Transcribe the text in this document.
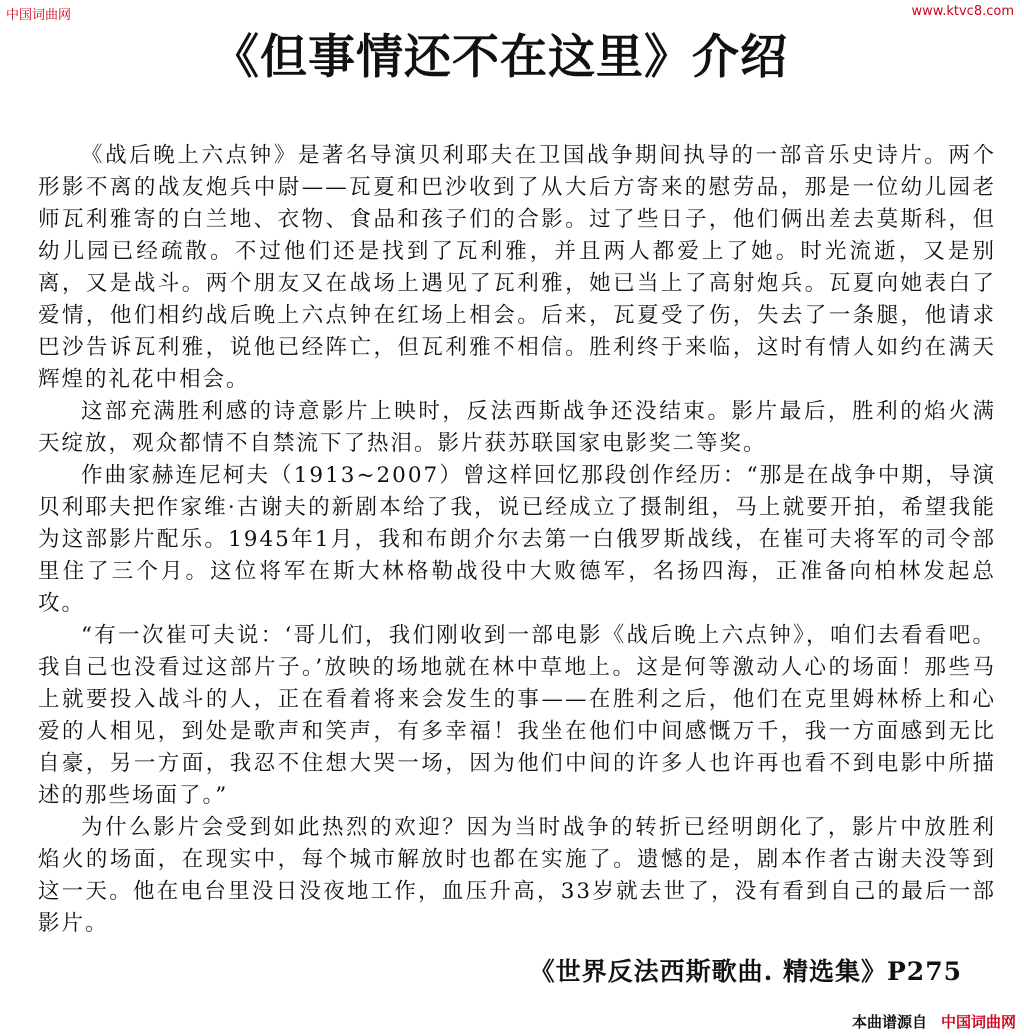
中国词曲网	www.ktvc8.com
《但事情还不在这里》介绍

《战后晚上六点钟》是著名导演贝利耶夫在卫国战争期间执导的一部音乐史诗片。两个形影不离的战友炮兵中尉——瓦夏和巴沙收到了从大后方寄来的慰劳品，那是一位幼儿园老师瓦利雅寄的白兰地、衣物、食品和孩子们的合影。过了些日子，他们俩出差去莫斯科，但幼儿园已经疏散。不过他们还是找到了瓦利雅，并且两人都爱上了她。时光流逝，又是别离，又是战斗。两个朋友又在战场上遇见了瓦利雅，她已当上了高射炮兵。瓦夏向她表白了爱情，他们相约战后晚上六点钟在红场上相会。后来，瓦夏受了伤，失去了一条腿，他请求巴沙告诉瓦利雅，说他已经阵亡，但瓦利雅不相信。胜利终于来临，这时有情人如约在满天辉煌的礼花中相会。

这部充满胜利感的诗意影片上映时，反法西斯战争还没结束。影片最后，胜利的焰火满天绽放，观众都情不自禁流下了热泪。影片获苏联国家电影奖二等奖。

作曲家赫连尼柯夫（1913~2007）曾这样回忆那段创作经历：“那是在战争中期，导演贝利耶夫把作家维·古谢夫的新剧本给了我，说已经成立了摄制组，马上就要开拍，希望我能为这部影片配乐。1945年1月，我和布朗介尔去第一白俄罗斯战线，在崔可夫将军的司令部里住了三个月。这位将军在斯大林格勒战役中大败德军，名扬四海，正准备向柏林发起总攻。

“有一次崔可夫说：‘哥儿们，我们刚收到一部电影《战后晚上六点钟》，咱们去看看吧。我自己也没看过这部片子。’放映的场地就在林中草地上。这是何等激动人心的场面！那些马上就要投入战斗的人，正在看着将来会发生的事——在胜利之后，他们在克里姆林桥上和心爱的人相见，到处是歌声和笑声，有多幸福！我坐在他们中间感慨万千，我一方面感到无比自豪，另一方面，我忍不住想大哭一场，因为他们中间的许多人也许再也看不到电影中所描述的那些场面了。”

为什么影片会受到如此热烈的欢迎？因为当时战争的转折已经明朗化了，影片中放胜利焰火的场面，在现实中，每个城市解放时也都在实施了。遗憾的是，剧本作者古谢夫没等到这一天。他在电台里没日没夜地工作，血压升高，33岁就去世了，没有看到自己的最后一部影片。

《世界反法西斯歌曲. 精选集》P275
本曲谱源自 中国词曲网
